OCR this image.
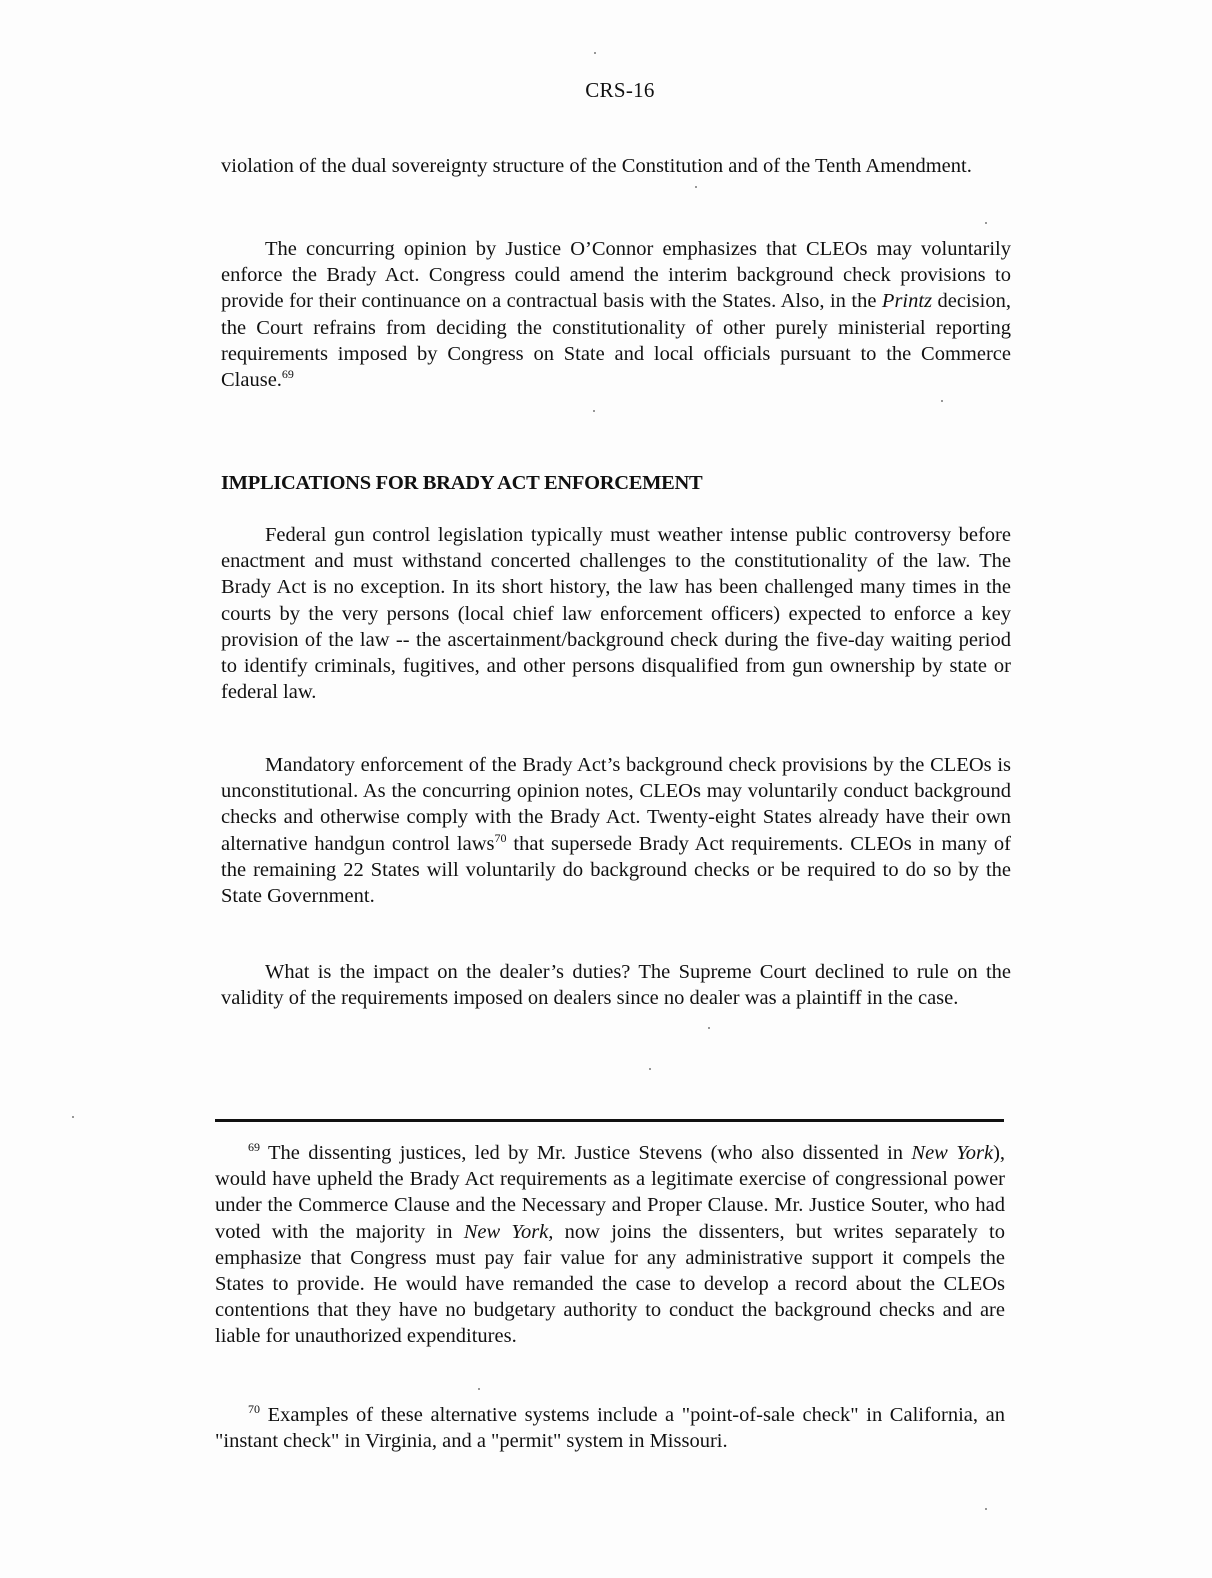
CRS-16

violation of the dual sovereignty structure of the Constitution and of the Tenth Amendment.

The concurring opinion by Justice O’Connor emphasizes that CLEOs may voluntarily enforce the Brady Act. Congress could amend the interim background check provisions to provide for their continuance on a contractual basis with the States. Also, in the Printz decision, the Court refrains from deciding the constitutionality of other purely ministerial reporting requirements imposed by Congress on State and local officials pursuant to the Commerce Clause.$^{69}$

IMPLICATIONS FOR BRADY ACT ENFORCEMENT

Federal gun control legislation typically must weather intense public controversy before enactment and must withstand concerted challenges to the constitutionality of the law. The Brady Act is no exception. In its short history, the law has been challenged many times in the courts by the very persons (local chief law enforcement officers) expected to enforce a key provision of the law -- the ascertainment/background check during the five-day waiting period to identify criminals, fugitives, and other persons disqualified from gun ownership by state or federal law.

Mandatory enforcement of the Brady Act’s background check provisions by the CLEOs is unconstitutional. As the concurring opinion notes, CLEOs may voluntarily conduct background checks and otherwise comply with the Brady Act. Twenty-eight States already have their own alternative handgun control laws$^{70}$ that supersede Brady Act requirements. CLEOs in many of the remaining 22 States will voluntarily do background checks or be required to do so by the State Government.

What is the impact on the dealer’s duties? The Supreme Court declined to rule on the validity of the requirements imposed on dealers since no dealer was a plaintiff in the case.

$^{69}$ The dissenting justices, led by Mr. Justice Stevens (who also dissented in New York), would have upheld the Brady Act requirements as a legitimate exercise of congressional power under the Commerce Clause and the Necessary and Proper Clause. Mr. Justice Souter, who had voted with the majority in New York, now joins the dissenters, but writes separately to emphasize that Congress must pay fair value for any administrative support it compels the States to provide. He would have remanded the case to develop a record about the CLEOs contentions that they have no budgetary authority to conduct the background checks and are liable for unauthorized expenditures.

$^{70}$ Examples of these alternative systems include a "point-of-sale check" in California, an "instant check" in Virginia, and a "permit" system in Missouri.
